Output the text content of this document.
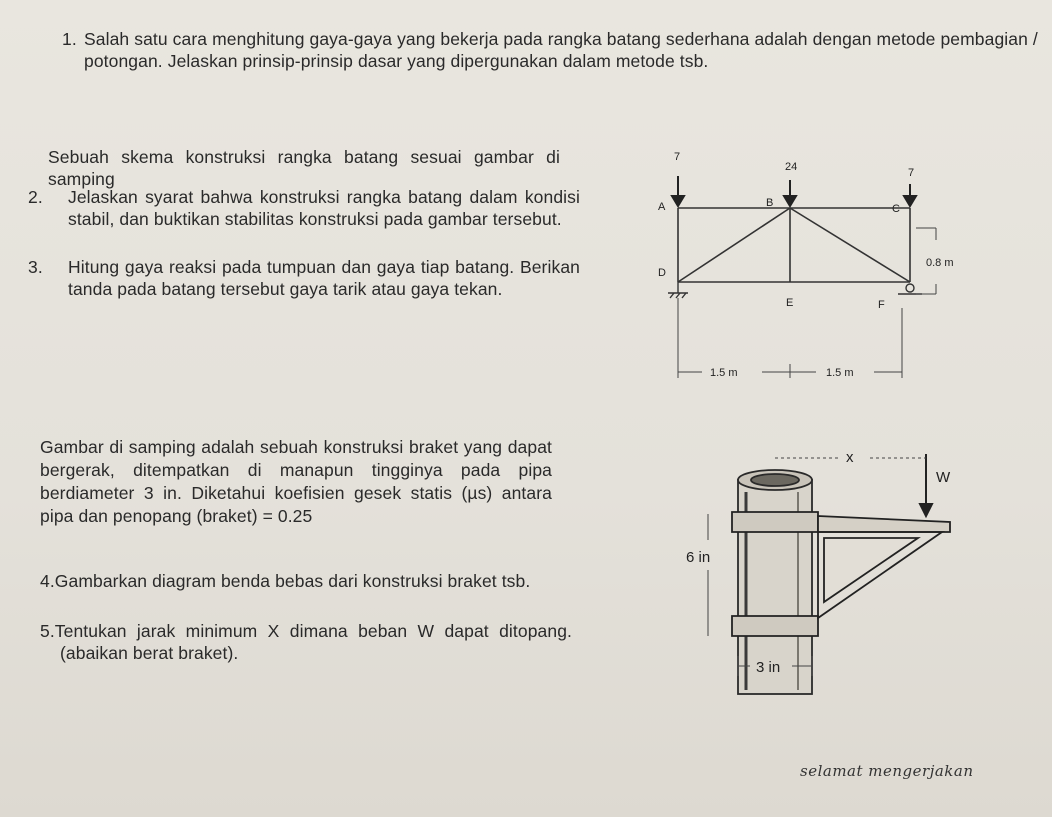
1. Salah satu cara menghitung gaya-gaya yang bekerja pada rangka batang sederhana adalah dengan metode pembagian / potongan. Jelaskan prinsip-prinsip dasar yang dipergunakan dalam metode tsb.
Sebuah skema konstruksi rangka batang sesuai gambar di samping
2. Jelaskan syarat bahwa konstruksi rangka batang dalam kondisi stabil, dan buktikan stabilitas konstruksi pada gambar tersebut.
3. Hitung gaya reaksi pada tumpuan dan gaya tiap batang. Berikan tanda pada batang tersebut gaya tarik atau gaya tekan.
7
24	7
A	B	C
D
E	F
0.8 m
1.5 m	1.5 m
Gambar di samping adalah sebuah konstruksi braket yang dapat bergerak, ditempatkan di manapun tingginya pada pipa berdiameter 3 in. Diketahui koefisien gesek statis (µs) antara pipa dan penopang (braket) = 0.25
4.Gambarkan diagram benda bebas dari konstruksi braket tsb.
5.Tentukan jarak minimum X dimana beban W dapat ditopang. (abaikan berat braket).
W
x
6 in
3 in
selamat mengerjakan
